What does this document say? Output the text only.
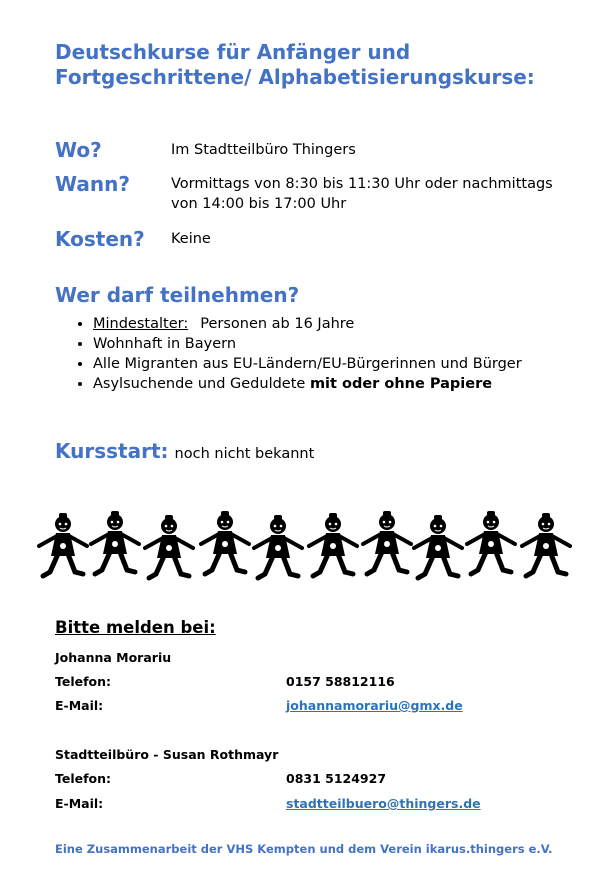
Deutschkurse für Anfänger und
Fortgeschrittene/ Alphabetisierungskurse:
Wo?	Im Stadtteilbüro Thingers
Wann?	Vormittags von 8:30 bis 11:30 Uhr oder nachmittags
von 14:00 bis 17:00 Uhr
Kosten?	Keine
Wer darf teilnehmen?
• Mindestalter: Personen ab 16 Jahre
• Wohnhaft in Bayern
• Alle Migranten aus EU-Ländern/EU-Bürgerinnen und Bürger
• Asylsuchende und Geduldete mit oder ohne Papiere
Kursstart: noch nicht bekannt
Bitte melden bei:
Johanna Morariu
Telefon:	0157 58812116
E-Mail:	johannamorariu@gmx.de
Stadtteilbüro - Susan Rothmayr
Telefon:	0831 5124927
E-Mail:	stadtteilbuero@thingers.de
Eine Zusammenarbeit der VHS Kempten und dem Verein ikarus.thingers e.V.
